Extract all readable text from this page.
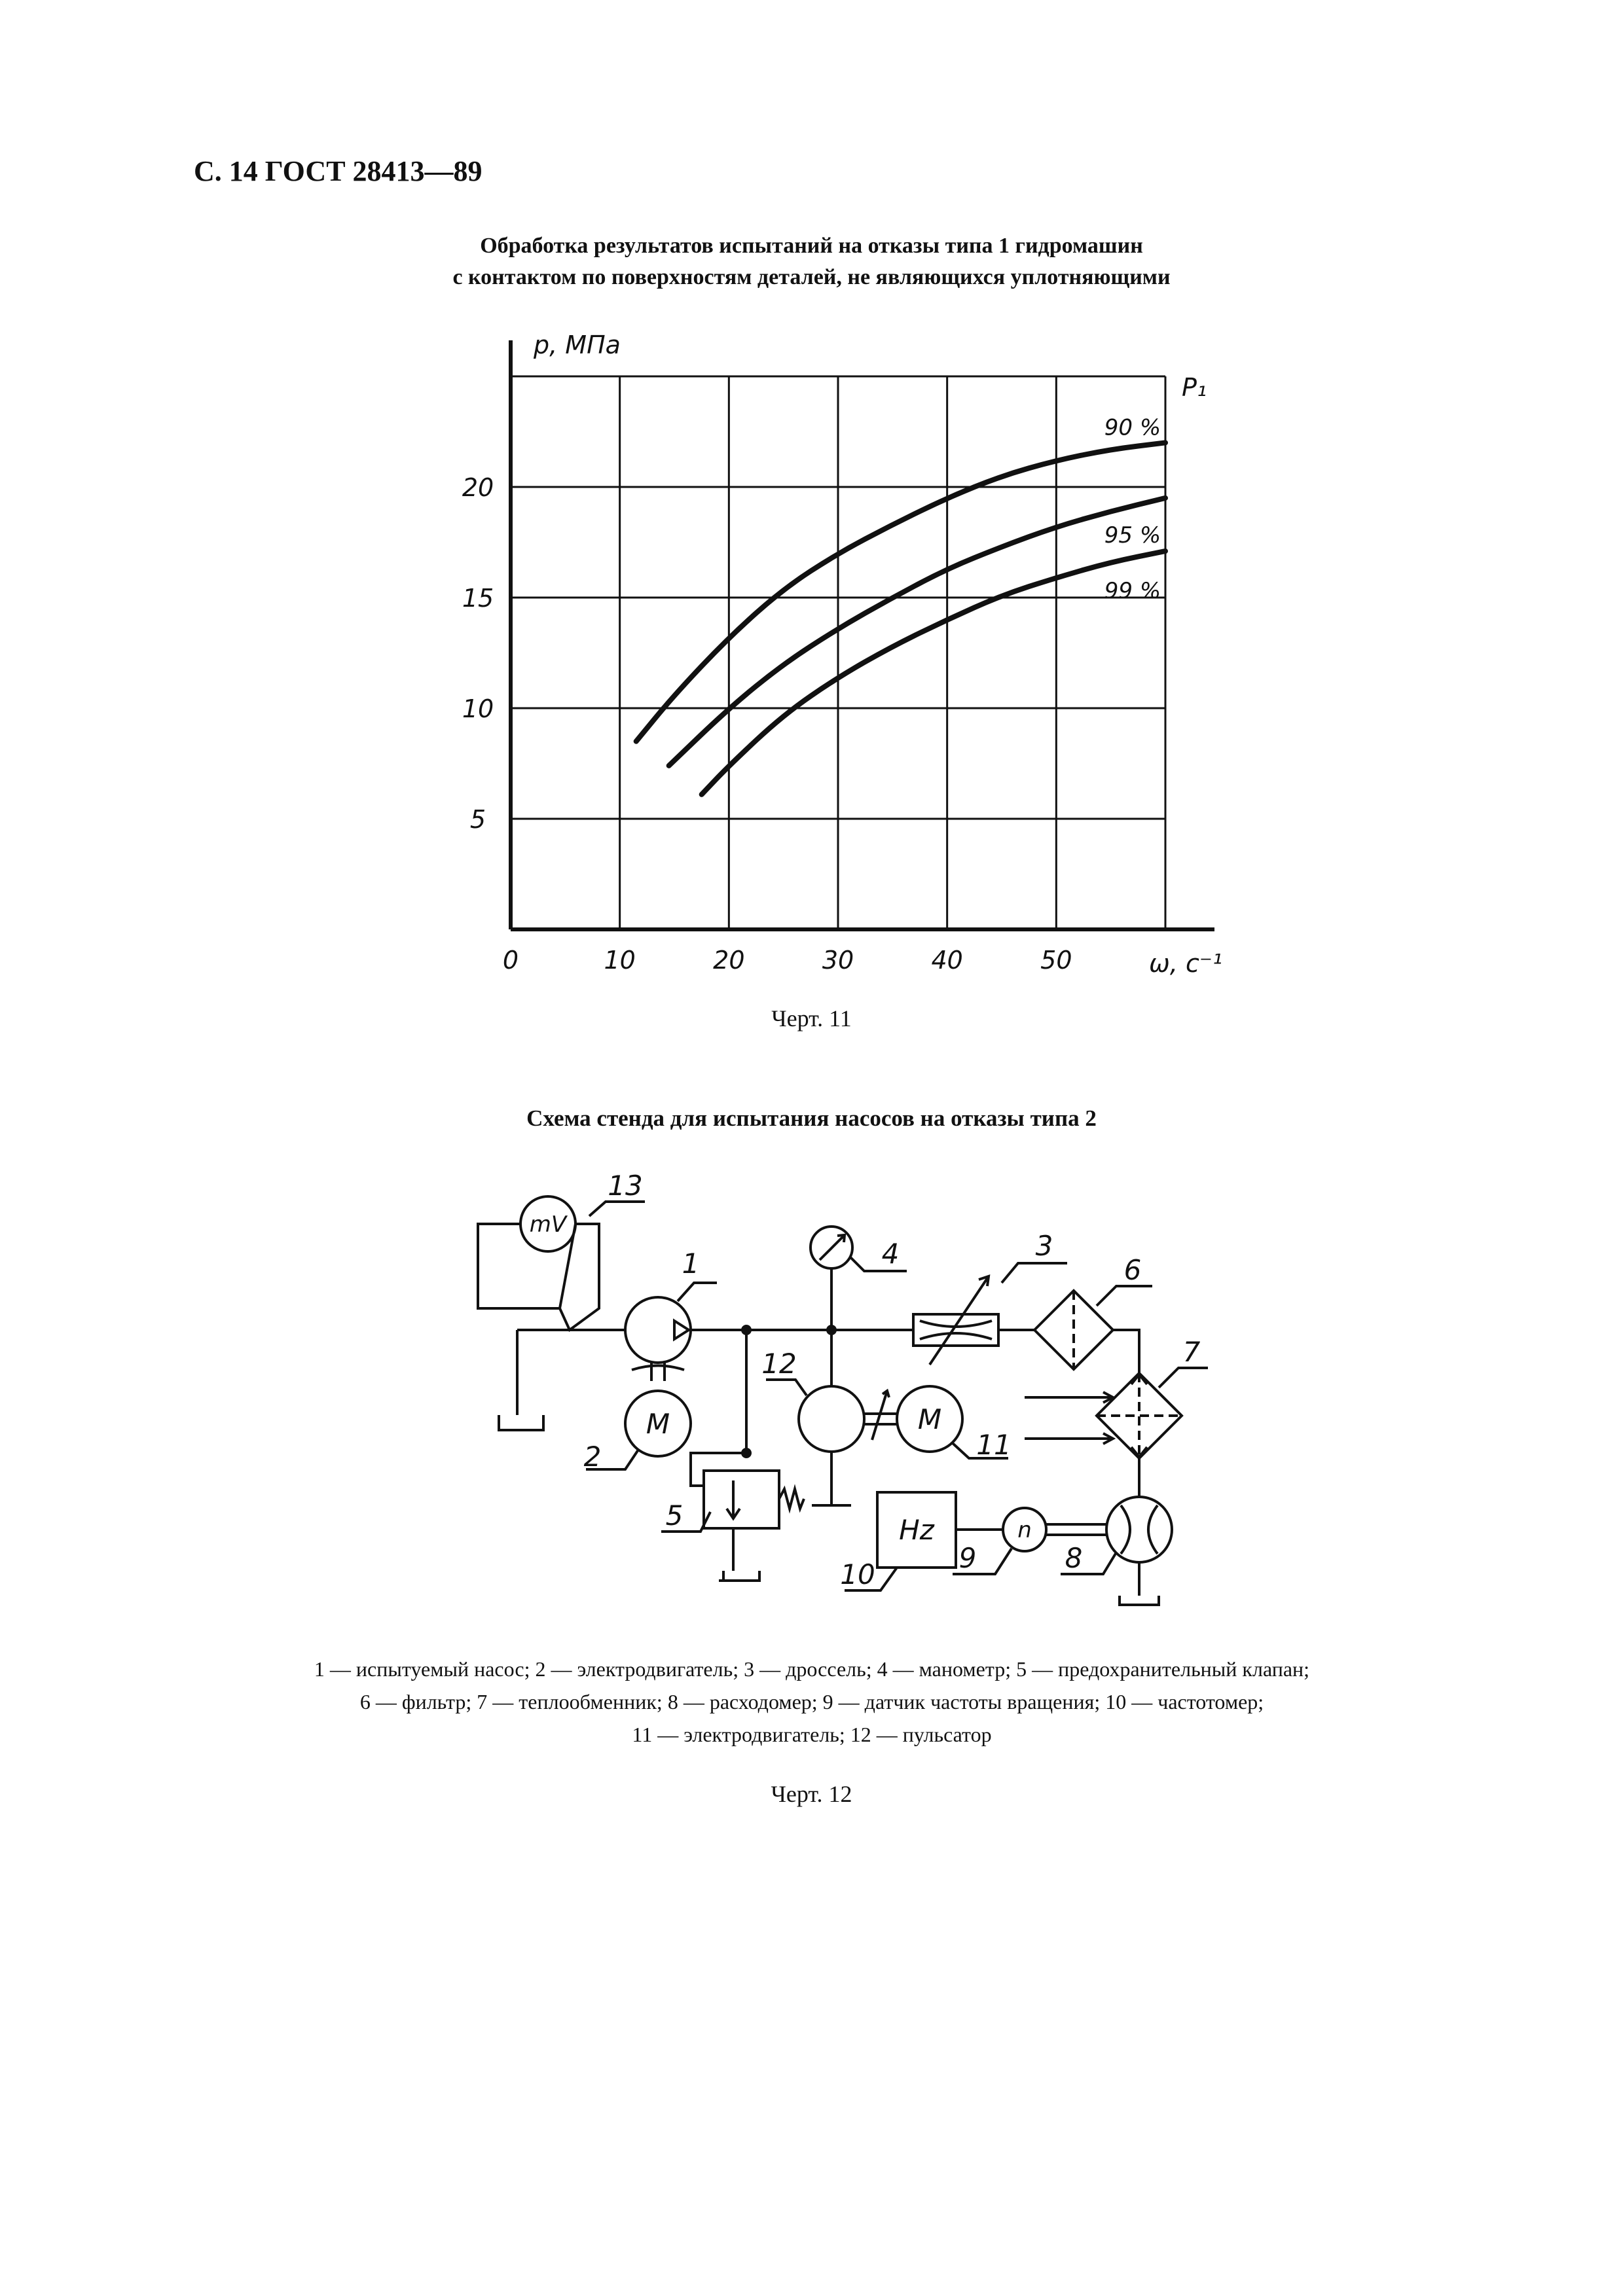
С. 14 ГОСТ 28413—89
Обработка результатов испытаний на отказы типа 1 гидромашин
с контактом по поверхностям деталей, не являющихся уплотняющими
0	10	20	30	40	50
5
10
15
20
90 %
95 %
99 %
p, МПа
ω, с⁻¹
P₁
Черт. 11
Схема стенда для испытания насосов на отказы типа 2
mV
13
1
M
2
4
12
M
11
3
6
7
8
n
9
Hz
10
5
1 — испытуемый насос; 2 — электродвигатель; 3 — дроссель; 4 — манометр; 5 — предохранительный клапан;
6 — фильтр; 7 — теплообменник; 8 — расходомер; 9 — датчик частоты вращения; 10 — частотомер;
11 — электродвигатель; 12 — пульсатор
Черт. 12
